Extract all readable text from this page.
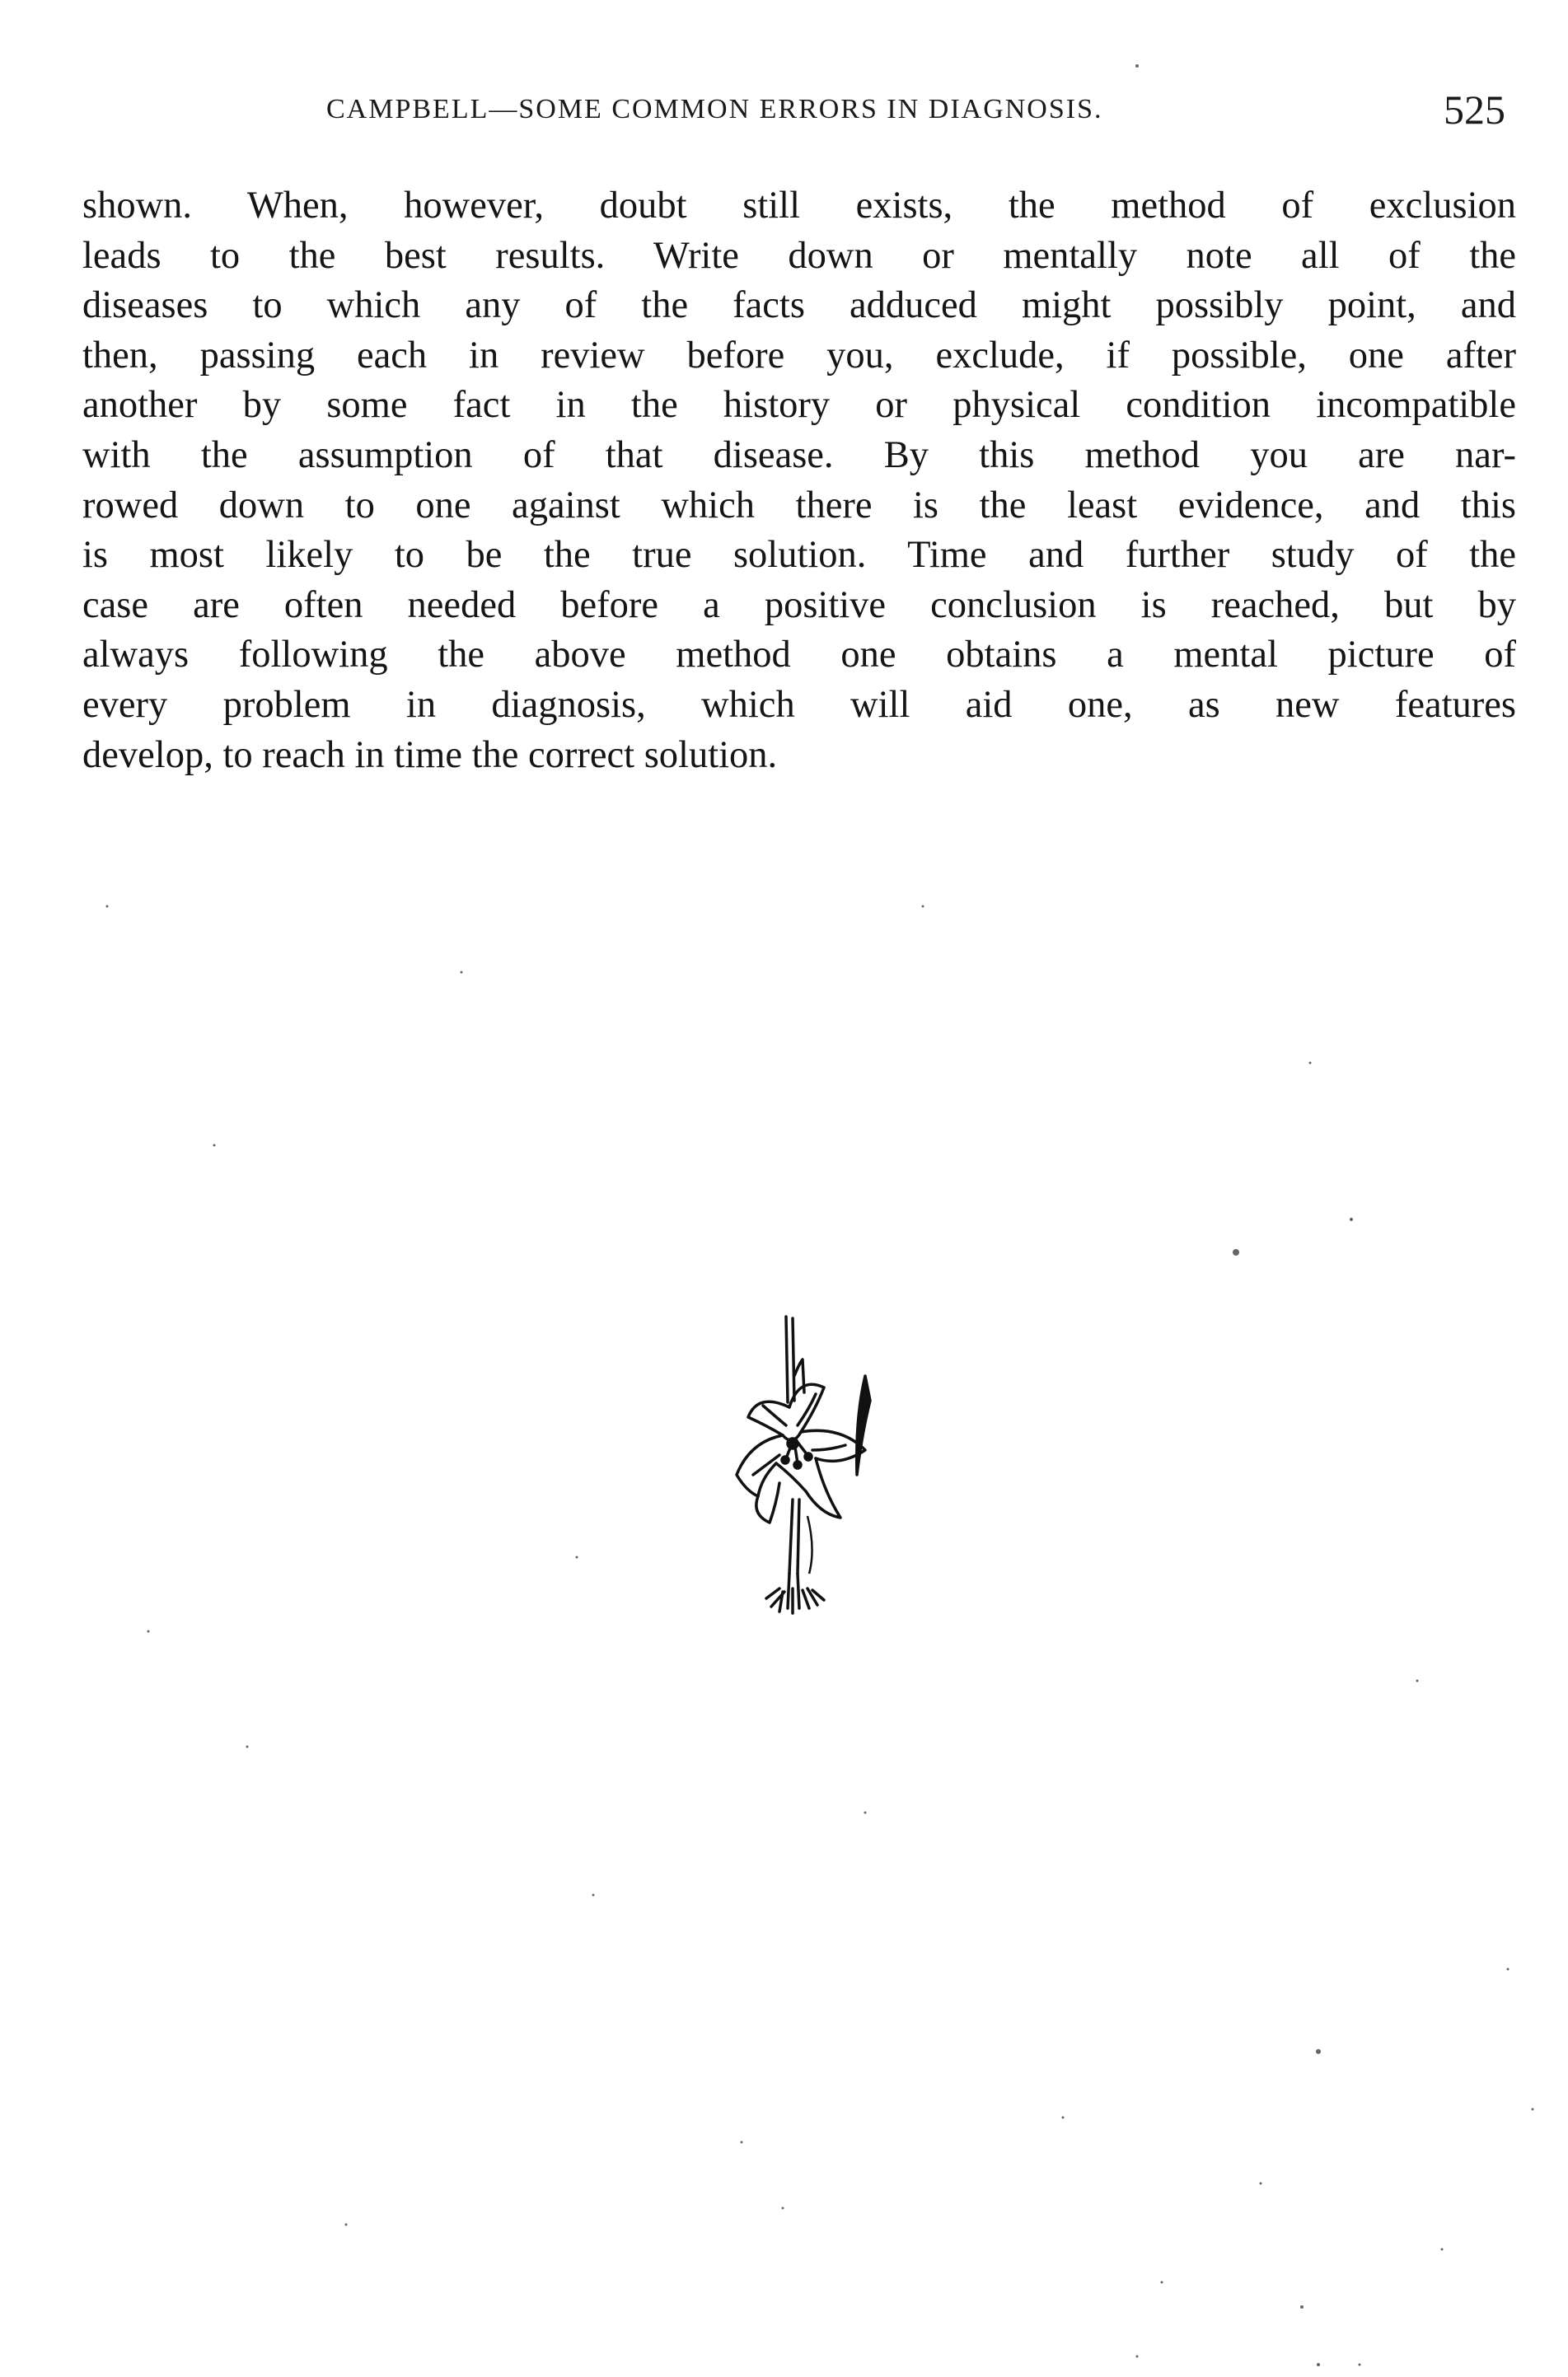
CAMPBELL—SOME COMMON ERRORS IN DIAGNOSIS.	525

shown. When, however, doubt still exists, the method of exclusion
leads to the best results. Write down or mentally note all of the
diseases to which any of the facts adduced might possibly point, and
then, passing each in review before you, exclude, if possible, one after
another by some fact in the history or physical condition incompatible
with the assumption of that disease. By this method you are nar-
rowed down to one against which there is the least evidence, and this
is most likely to be the true solution. Time and further study of the
case are often needed before a positive conclusion is reached, but by
always following the above method one obtains a mental picture of
every problem in diagnosis, which will aid one, as new features
develop, to reach in time the correct solution.
